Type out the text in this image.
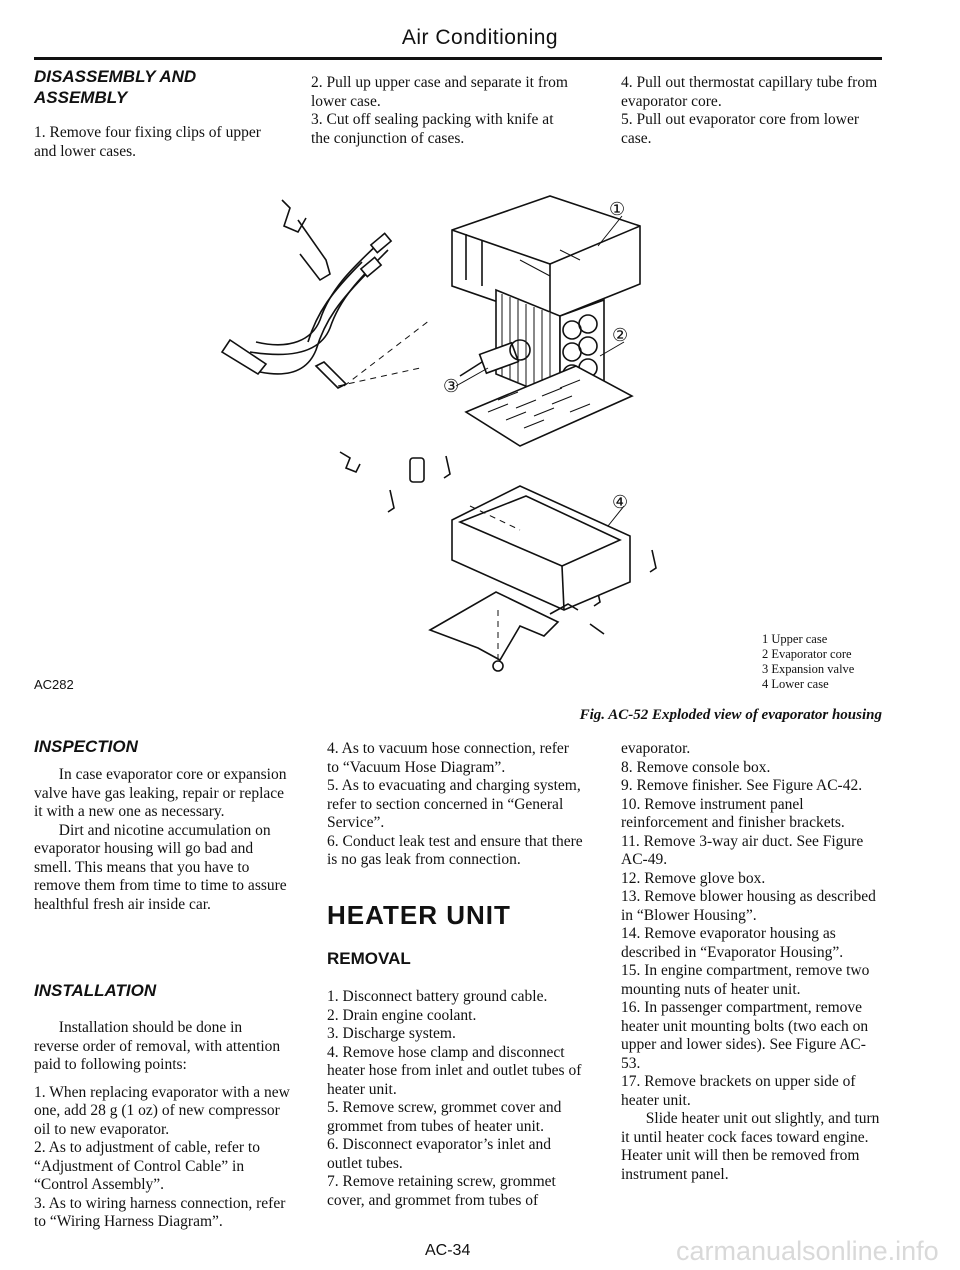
Air Conditioning
DISASSEMBLY AND ASSEMBLY

1. Remove four fixing clips of upper and lower cases.

2. Pull up upper case and separate it from lower case.

3. Cut off sealing packing with knife at the conjunction of cases.

4. Pull out thermostat capillary tube from evaporator core.

5. Pull out evaporator core from lower case.

①
②
③
④
AC282
1 Upper case
2 Evaporator core
3 Expansion valve
4 Lower case
Fig. AC-52 Exploded view of evaporator housing
INSPECTION

In case evaporator core or expansion valve have gas leaking, repair or replace it with a new one as necessary.

Dirt and nicotine accumulation on evaporator housing will go bad and smell. This means that you have to remove them from time to time to assure healthful fresh air inside car.

INSTALLATION

Installation should be done in reverse order of removal, with attention paid to following points:

1. When replacing evaporator with a new one, add 28 g (1 oz) of new compressor oil to new evaporator.

2. As to adjustment of cable, refer to “Adjustment of Control Cable” in “Control Assembly”.

3. As to wiring harness connection, refer to “Wiring Harness Diagram”.

4. As to vacuum hose connection, refer to “Vacuum Hose Diagram”.

5. As to evacuating and charging system, refer to section concerned in “General Service”.

6. Conduct leak test and ensure that there is no gas leak from connection.

HEATER UNIT
REMOVAL

1. Disconnect battery ground cable.

2. Drain engine coolant.

3. Discharge system.

4. Remove hose clamp and disconnect heater hose from inlet and outlet tubes of heater unit.

5. Remove screw, grommet cover and grommet from tubes of heater unit.

6. Disconnect evaporator’s inlet and outlet tubes.

7. Remove retaining screw, grommet cover, and grommet from tubes of

AC-34

evaporator.

8. Remove console box.

9. Remove finisher. See Figure AC-42.

10. Remove instrument panel reinforcement and finisher brackets.

11. Remove 3-way air duct. See Figure AC-49.

12. Remove glove box.

13. Remove blower housing as described in “Blower Housing”.

14. Remove evaporator housing as described in “Evaporator Housing”.

15. In engine compartment, remove two mounting nuts of heater unit.

16. In passenger compartment, remove heater unit mounting bolts (two each on upper and lower sides). See Figure AC-53.

17. Remove brackets on upper side of heater unit.

Slide heater unit out slightly, and turn it until heater cock faces toward engine. Heater unit will then be removed from instrument panel.

carmanualsonline.info
